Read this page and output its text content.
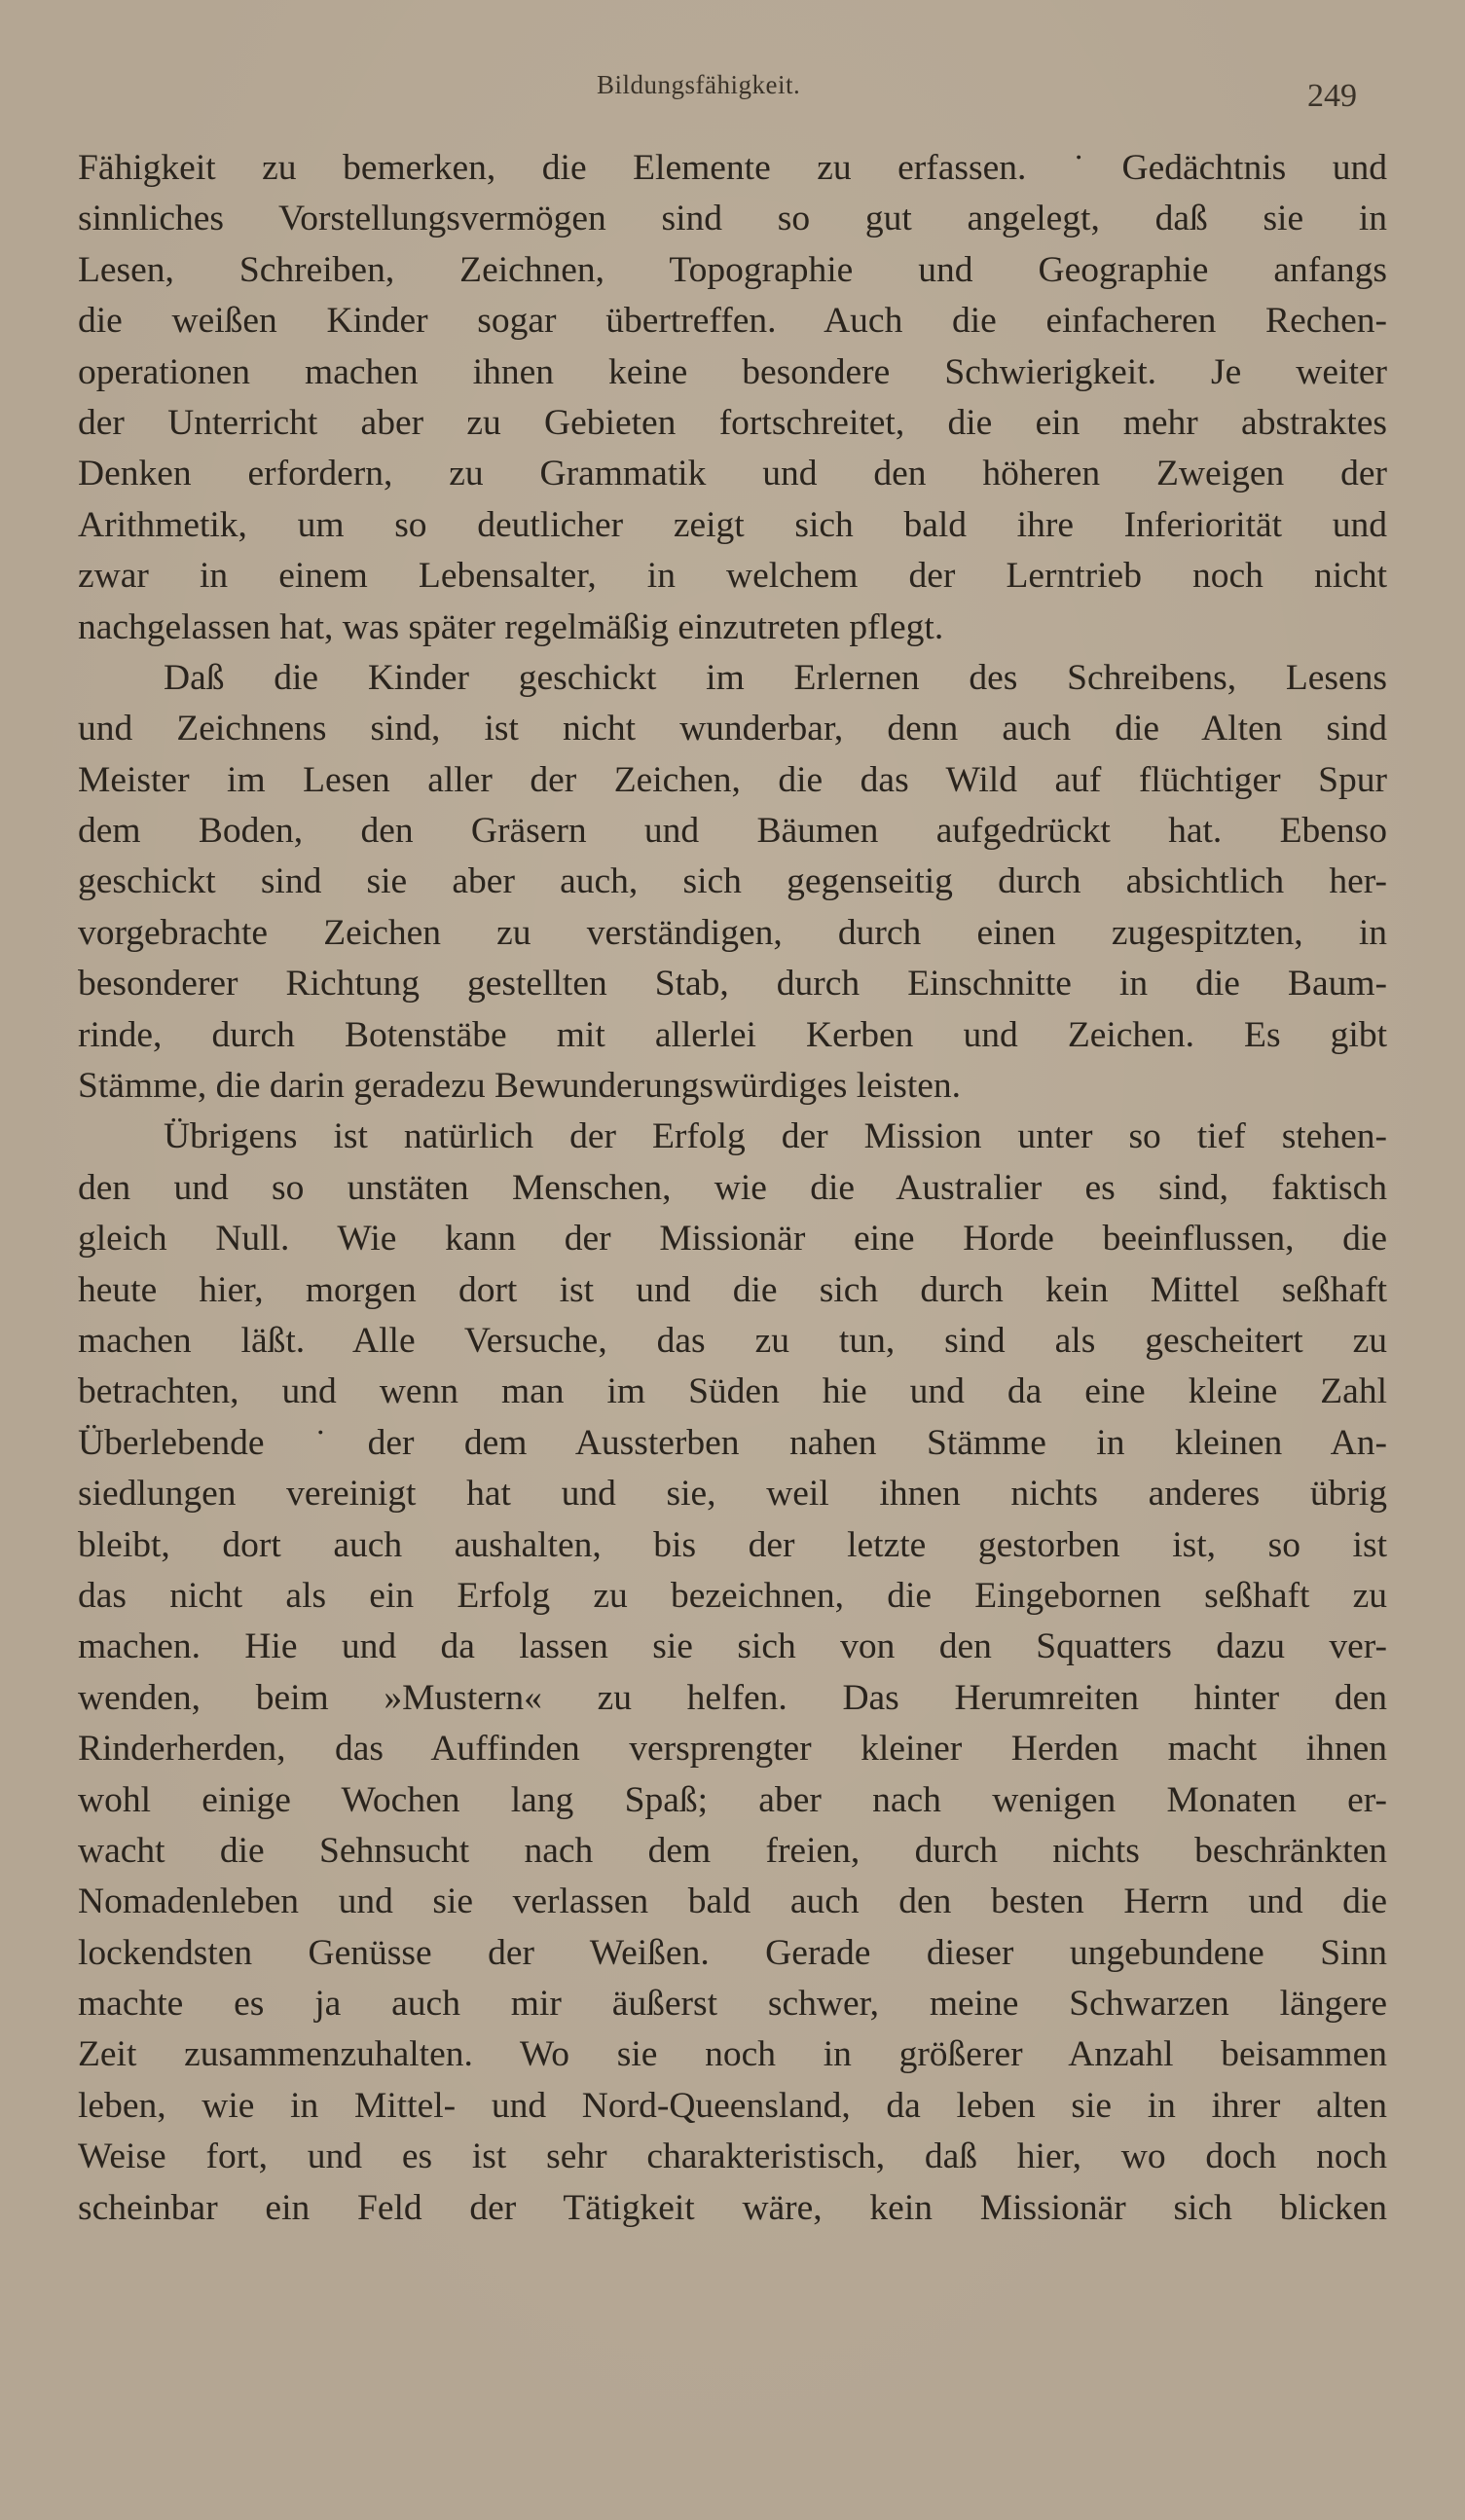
Bildungsfähigkeit.	249
Fähigkeit zu bemerken, die Elemente zu erfassen. ˙Gedächtnis und
sinnliches Vorstellungsvermögen sind so gut angelegt, daß sie in
Lesen, Schreiben, Zeichnen, Topographie und Geographie anfangs
die weißen Kinder sogar übertreffen. Auch die einfacheren Rechen-
operationen machen ihnen keine besondere Schwierigkeit. Je weiter
der Unterricht aber zu Gebieten fortschreitet, die ein mehr abstraktes
Denken erfordern, zu Grammatik und den höheren Zweigen der
Arithmetik, um so deutlicher zeigt sich bald ihre Inferiorität und
zwar in einem Lebensalter, in welchem der Lerntrieb noch nicht
nachgelassen hat, was später regelmäßig einzutreten pflegt.
Daß die Kinder geschickt im Erlernen des Schreibens, Lesens
und Zeichnens sind, ist nicht wunderbar, denn auch die Alten sind
Meister im Lesen aller der Zeichen, die das Wild auf flüchtiger Spur
dem Boden, den Gräsern und Bäumen aufgedrückt hat. Ebenso
geschickt sind sie aber auch, sich gegenseitig durch absichtlich her-
vorgebrachte Zeichen zu verständigen, durch einen zugespitzten, in
besonderer Richtung gestellten Stab, durch Einschnitte in die Baum-
rinde, durch Botenstäbe mit allerlei Kerben und Zeichen. Es gibt
Stämme, die darin geradezu Bewunderungswürdiges leisten.
Übrigens ist natürlich der Erfolg der Mission unter so tief stehen-
den und so unstäten Menschen, wie die Australier es sind, faktisch
gleich Null. Wie kann der Missionär eine Horde beeinflussen, die
heute hier, morgen dort ist und die sich durch kein Mittel seßhaft
machen läßt. Alle Versuche, das zu tun, sind als gescheitert zu
betrachten, und wenn man im Süden hie und da eine kleine Zahl
Überlebende ˙der dem Aussterben nahen Stämme in kleinen An-
siedlungen vereinigt hat und sie, weil ihnen nichts anderes übrig
bleibt, dort auch aushalten, bis der letzte gestorben ist, so ist
das nicht als ein Erfolg zu bezeichnen, die Eingebornen seßhaft zu
machen. Hie und da lassen sie sich von den Squatters dazu ver-
wenden, beim »Mustern« zu helfen. Das Herumreiten hinter den
Rinderherden, das Auffinden versprengter kleiner Herden macht ihnen
wohl einige Wochen lang Spaß; aber nach wenigen Monaten er-
wacht die Sehnsucht nach dem freien, durch nichts beschränkten
Nomadenleben und sie verlassen bald auch den besten Herrn und die
lockendsten Genüsse der Weißen. Gerade dieser ungebundene Sinn
machte es ja auch mir äußerst schwer, meine Schwarzen längere
Zeit zusammenzuhalten. Wo sie noch in größerer Anzahl beisammen
leben, wie in Mittel- und Nord-Queensland, da leben sie in ihrer alten
Weise fort, und es ist sehr charakteristisch, daß hier, wo doch noch
scheinbar ein Feld der Tätigkeit wäre, kein Missionär sich blicken
